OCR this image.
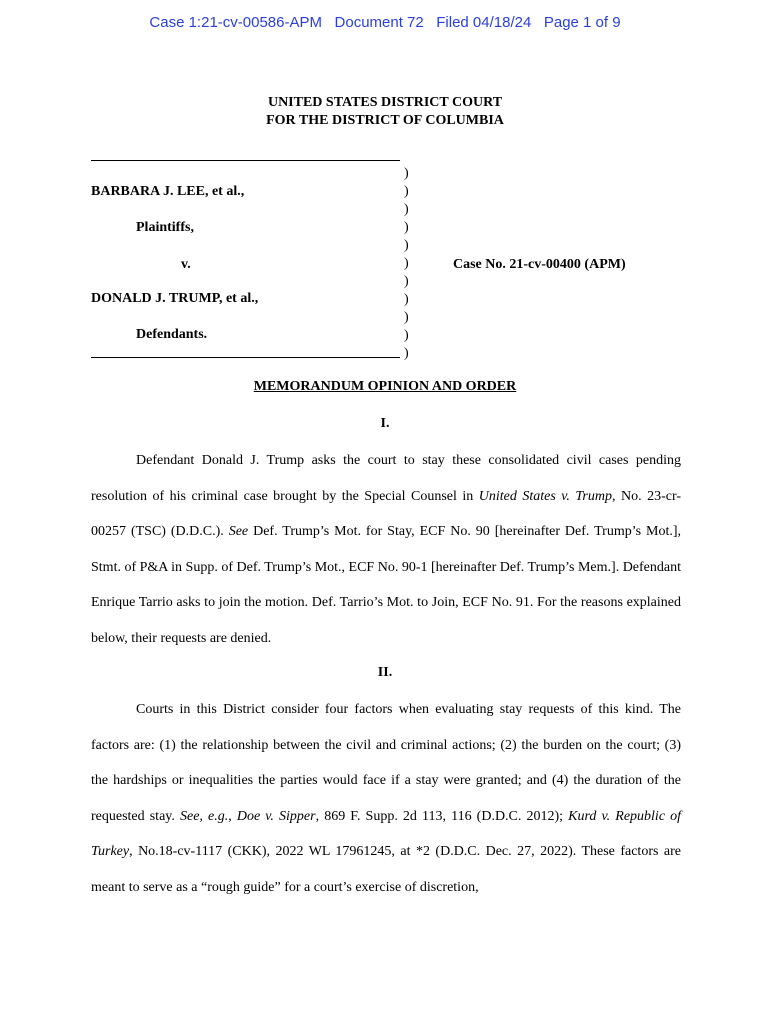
Case 1:21-cv-00586-APM Document 72 Filed 04/18/24 Page 1 of 9
UNITED STATES DISTRICT COURT
FOR THE DISTRICT OF COLUMBIA
BARBARA J. LEE, et al.,
Plaintiffs,
v.
DONALD J. TRUMP, et al.,
Defendants.
Case No. 21-cv-00400 (APM)
)
)
)
)
)
)
)
)
)
)
)
MEMORANDUM OPINION AND ORDER
I.

Defendant Donald J. Trump asks the court to stay these consolidated civil cases pending resolution of his criminal case brought by the Special Counsel in United States v. Trump, No. 23-cr-00257 (TSC) (D.D.C.). See Def. Trump’s Mot. for Stay, ECF No. 90 [hereinafter Def. Trump’s Mot.], Stmt. of P&A in Supp. of Def. Trump’s Mot., ECF No. 90-1 [hereinafter Def. Trump’s Mem.]. Defendant Enrique Tarrio asks to join the motion. Def. Tarrio’s Mot. to Join, ECF No. 91. For the reasons explained below, their requests are denied.

II.

Courts in this District consider four factors when evaluating stay requests of this kind. The factors are: (1) the relationship between the civil and criminal actions; (2) the burden on the court; (3) the hardships or inequalities the parties would face if a stay were granted; and (4) the duration of the requested stay. See, e.g., Doe v. Sipper, 869 F. Supp. 2d 113, 116 (D.D.C. 2012); Kurd v. Republic of Turkey, No.18-cv-1117 (CKK), 2022 WL 17961245, at *2 (D.D.C. Dec. 27, 2022). These factors are meant to serve as a “rough guide” for a court’s exercise of discretion,
